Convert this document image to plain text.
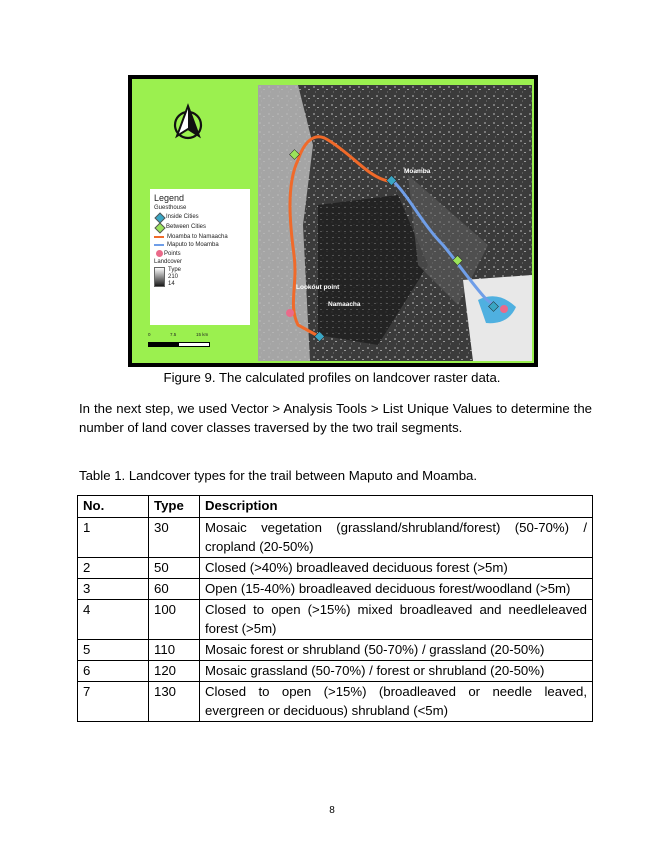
Legend
Guesthouse
Inside Cities
Between Cities
Moamba to Namaacha
Maputo to Moamba
Points
Landcover
Type
210
14
0	7.5	15 km
Moamba
Lookout point
Namaacha
Figure 9. The calculated profiles on landcover raster data.

In the next step, we used Vector > Analysis Tools > List Unique Values to determine the number of land cover classes traversed by the two trail segments.

Table 1. Landcover types for the trail between Maputo and Moamba.
No.	Type	Description
1	30	Mosaic vegetation (grassland/shrubland/forest) (50-70%) / cropland (20-50%)
2	50	Closed (>40%) broadleaved deciduous forest (>5m)
3	60	Open (15-40%) broadleaved deciduous forest/woodland (>5m)
4	100	Closed to open (>15%) mixed broadleaved and needleleaved forest (>5m)
5	110	Mosaic forest or shrubland (50-70%) / grassland (20-50%)
6	120	Mosaic grassland (50-70%) / forest or shrubland (20-50%)
7	130	Closed to open (>15%) (broadleaved or needle leaved, evergreen or deciduous) shrubland (<5m)
8
